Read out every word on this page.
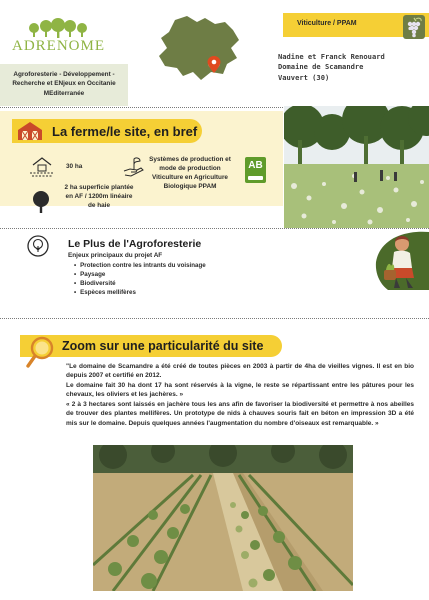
ADRENOME
Agroforesterie - Développement - Recherche et ENjeux en Occitanie MEditerranée
Viticulture / PPAM
Nadine et Franck Renouard
Domaine de Scamandre
Vauvert (30)
La ferme/le site, en bref
30 ha
2 ha superficie plantée en AF / 1200m linéaire de haie
Systèmes de production et mode de production Viticulture en Agriculture Biologique PPAM
AB
Le Plus de l'Agroforesterie
Enjeux principaux du projet AF
• Protection contre les intrants du voisinage
• Paysage
• Biodiversité
• Espèces mellifères
Zoom sur une particularité du site

"Le domaine de Scamandre a été créé de toutes pièces en 2003 à partir de 4ha de vieilles vignes. Il est en bio depuis 2007 et certifié en 2012.

Le domaine fait 30 ha dont 17 ha sont réservés à la vigne, le reste se répartissant entre les pâtures pour les chevaux, les oliviers et les jachères. »

« 2 à 3 hectares sont laissés en jachère tous les ans afin de favoriser la biodiversité et permettre à nos abeilles de trouver des plantes mellifères. Un prototype de nids à chauves souris fait en béton en impression 3D a été mis sur le domaine. Depuis quelques années l'augmentation du nombre d'oiseaux est remarquable. »
